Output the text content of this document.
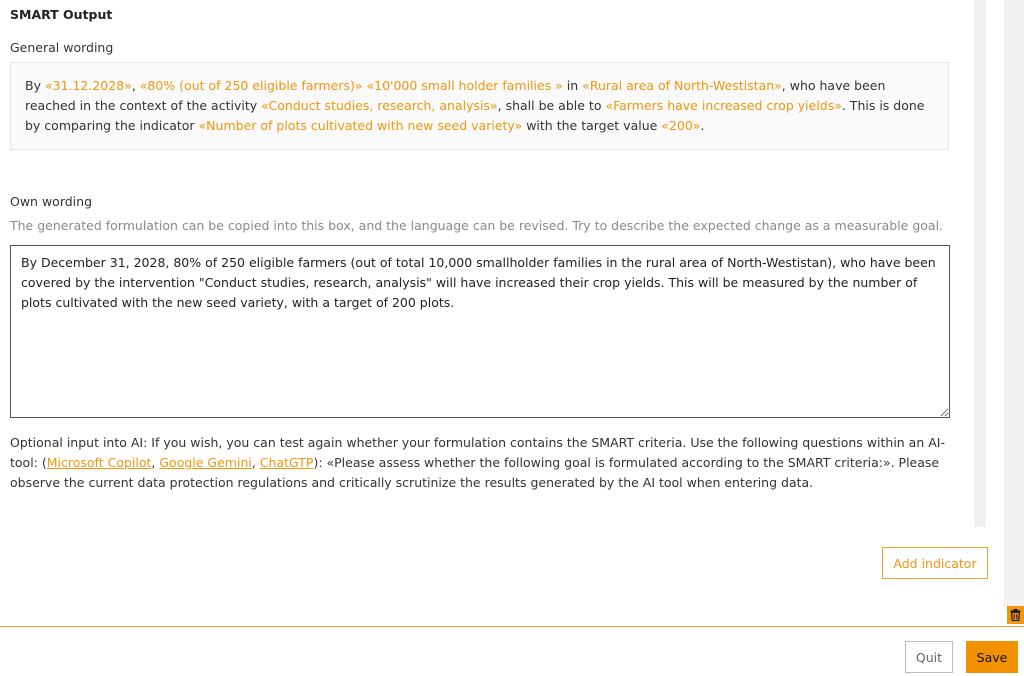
SMART Output
General wording
By «31.12.2028», «80% (out of 250 eligible farmers)» «10'000 small holder families » in «Rural area of North-Westistan», who have been reached in the context of the activity «Conduct studies, research, analysis», shall be able to «Farmers have increased crop yields». This is done by comparing the indicator «Number of plots cultivated with new seed variety» with the target value «200».
Own wording
The generated formulation can be copied into this box, and the language can be revised. Try to describe the expected change as a measurable goal.
By December 31, 2028, 80% of 250 eligible farmers (out of total 10,000 smallholder families in the rural area of North-Westistan), who have been covered by the intervention "Conduct studies, research, analysis" will have increased their crop yields. This will be measured by the number of plots cultivated with the new seed variety, with a target of 200 plots.
Optional input into AI: If you wish, you can test again whether your formulation contains the SMART criteria. Use the following questions within an AI-tool: (Microsoft Copilot, Google Gemini, ChatGTP): «Please assess whether the following goal is formulated according to the SMART criteria:». Please observe the current data protection regulations and critically scrutinize the results generated by the AI tool when entering data.
Add indicator
Quit	Save
